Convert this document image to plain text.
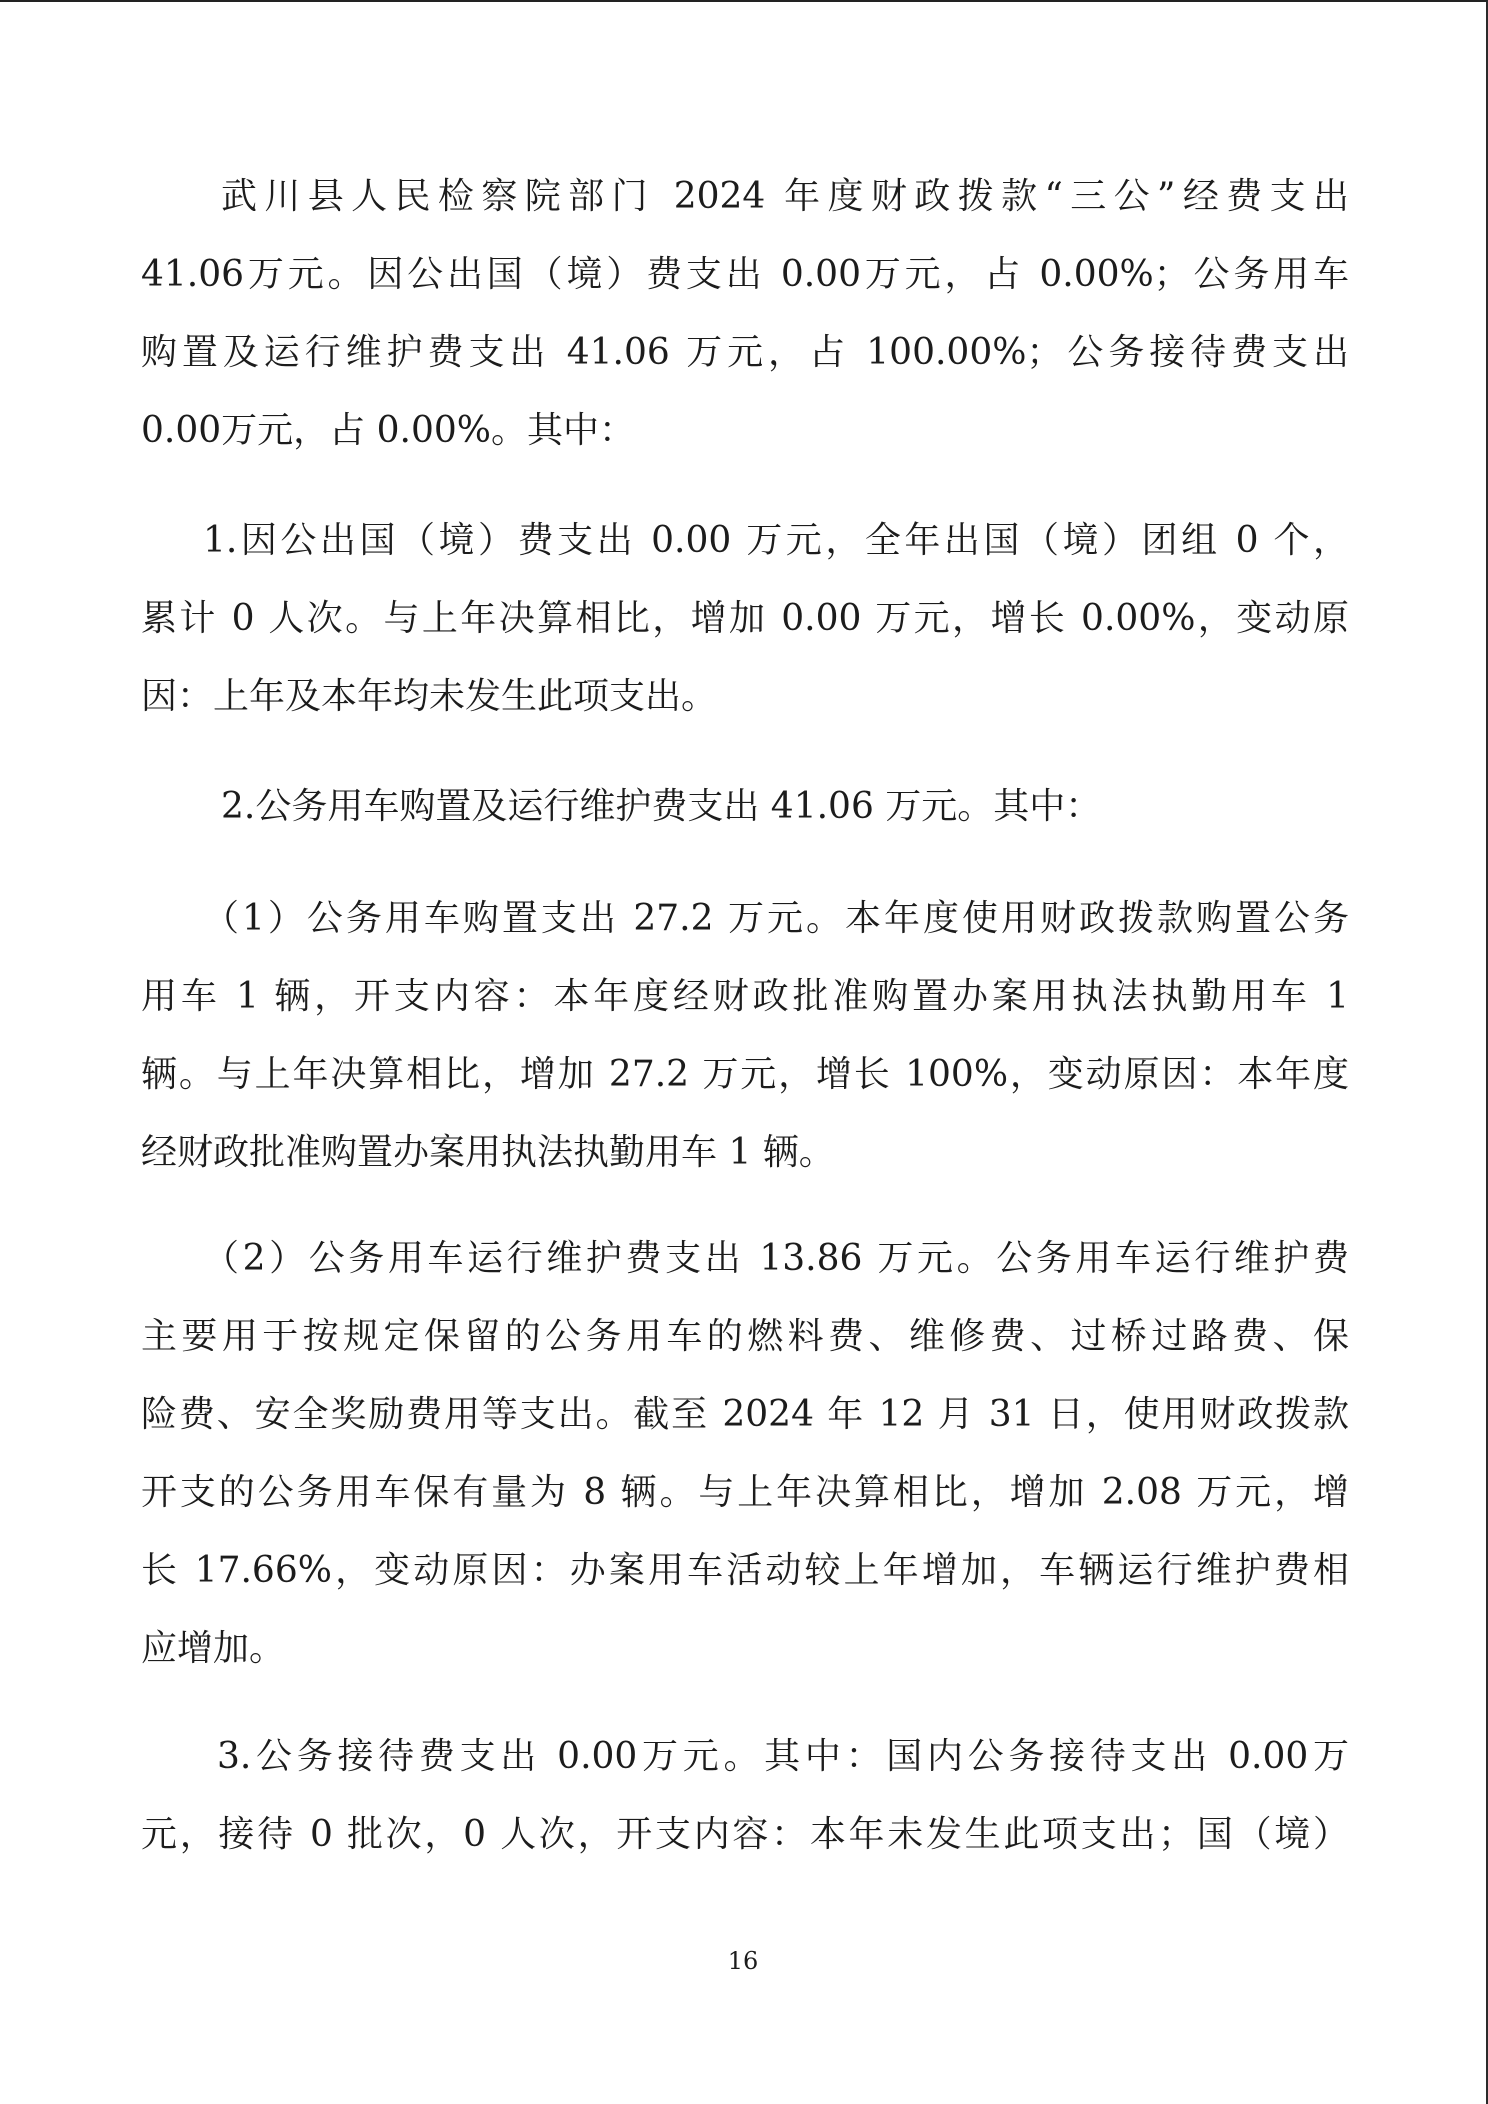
武川县人民检察院部门 2024 年度财政拨款“三公”经费支出
41.06万元。因公出国（境）费支出 0.00万元，占 0.00%；公务用车
购置及运行维护费支出 41.06 万元，占 100.00%；公务接待费支出
0.00万元，占 0.00%。其中：
1.因公出国（境）费支出 0.00 万元，全年出国（境）团组 0 个，
累计 0 人次。与上年决算相比，增加 0.00 万元，增长 0.00%，变动原
因：上年及本年均未发生此项支出。
2.公务用车购置及运行维护费支出 41.06 万元。其中：
（1）公务用车购置支出 27.2 万元。本年度使用财政拨款购置公务
用车 1 辆，开支内容：本年度经财政批准购置办案用执法执勤用车 1
辆。与上年决算相比，增加 27.2 万元，增长 100%，变动原因：本年度
经财政批准购置办案用执法执勤用车 1 辆。
（2）公务用车运行维护费支出 13.86 万元。公务用车运行维护费
主要用于按规定保留的公务用车的燃料费、维修费、过桥过路费、保
险费、安全奖励费用等支出。截至 2024 年 12 月 31 日，使用财政拨款
开支的公务用车保有量为 8 辆。与上年决算相比，增加 2.08 万元，增
长 17.66%，变动原因：办案用车活动较上年增加，车辆运行维护费相
应增加。
3.公务接待费支出 0.00万元。其中：国内公务接待支出 0.00万
元，接待 0 批次，0 人次，开支内容：本年未发生此项支出；国（境）
16
